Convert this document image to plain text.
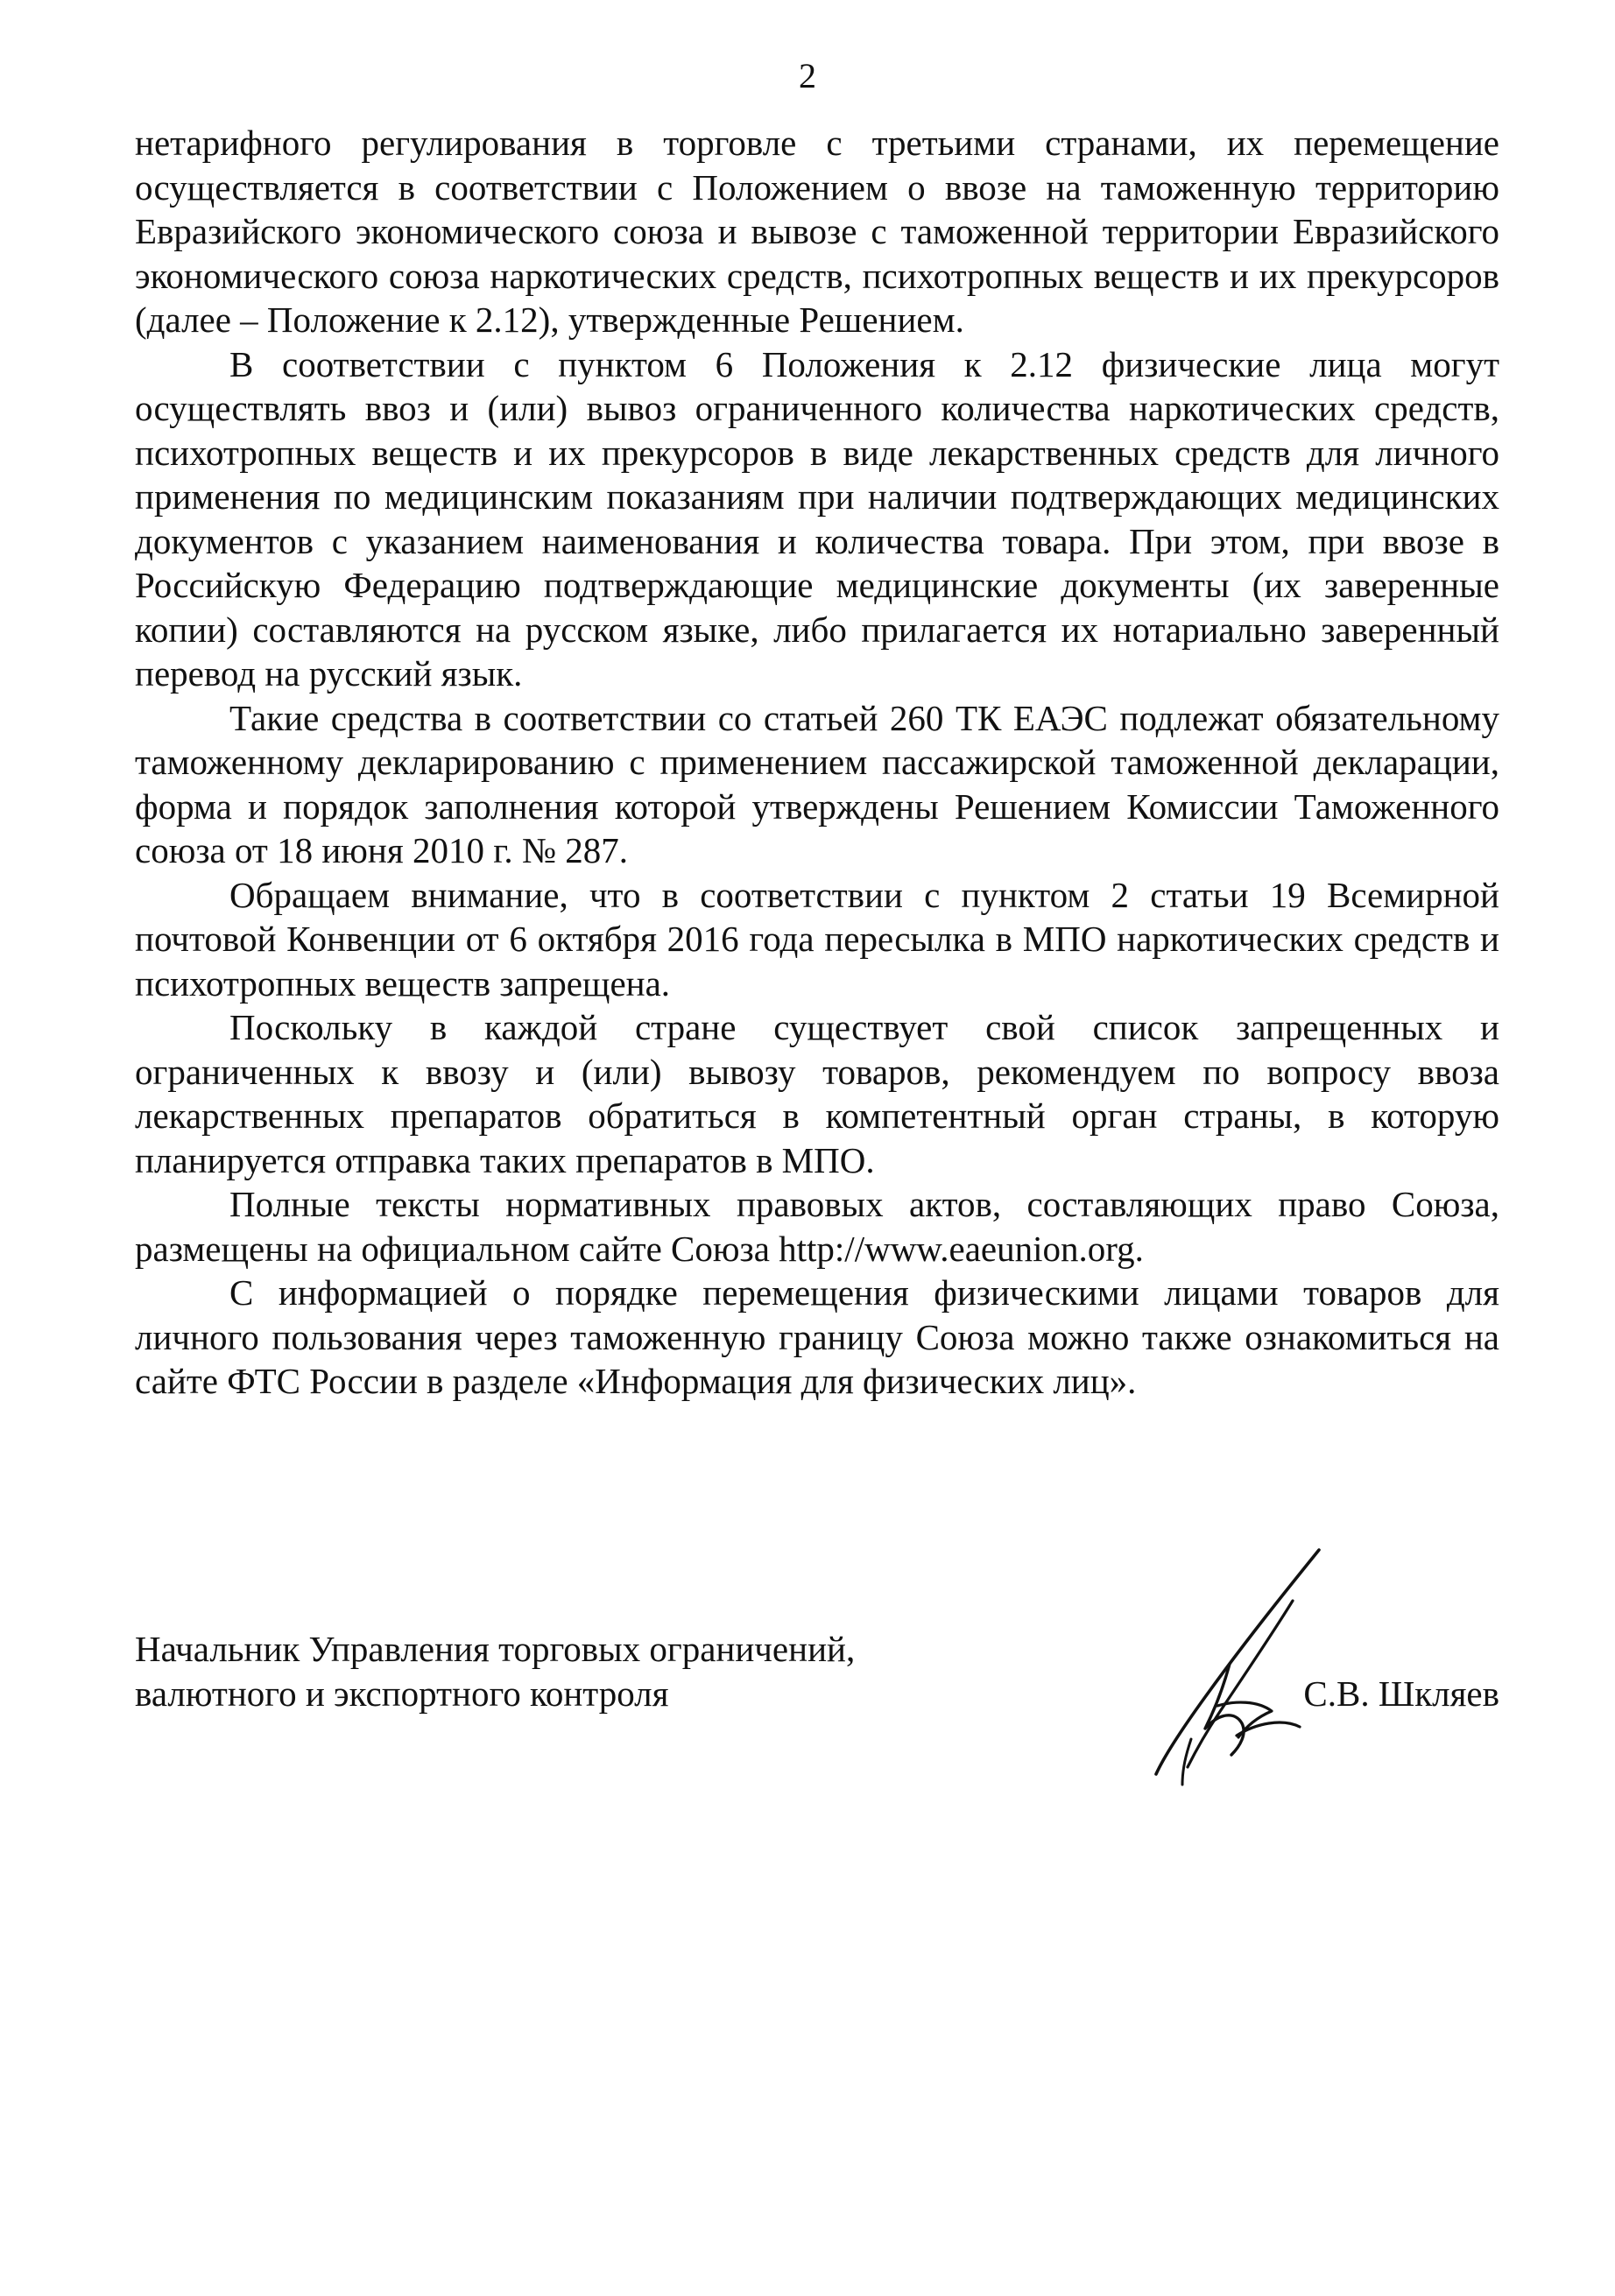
2

нетарифного регулирования в торговле с третьими странами, их перемещение осуществляется в соответствии с Положением о ввозе на таможенную территорию Евразийского экономического союза и вывозе с таможенной территории Евразийского экономического союза наркотических средств, психотропных веществ и их прекурсоров (далее – Положение к 2.12), утвержденные Решением.

В соответствии с пунктом 6 Положения к 2.12 физические лица могут осуществлять ввоз и (или) вывоз ограниченного количества наркотических средств, психотропных веществ и их прекурсоров в виде лекарственных средств для личного применения по медицинским показаниям при наличии подтверждающих медицинских документов с указанием наименования и количества товара. При этом, при ввозе в Российскую Федерацию подтверждающие медицинские документы (их заверенные копии) составляются на русском языке, либо прилагается их нотариально заверенный перевод на русский язык.

Такие средства в соответствии со статьей 260 ТК ЕАЭС подлежат обязательному таможенному декларированию с применением пассажирской таможенной декларации, форма и порядок заполнения которой утверждены Решением Комиссии Таможенного союза от 18 июня 2010 г. № 287.

Обращаем внимание, что в соответствии с пунктом 2 статьи 19 Всемирной почтовой Конвенции от 6 октября 2016 года пересылка в МПО наркотических средств и психотропных веществ запрещена.

Поскольку в каждой стране существует свой список запрещенных и ограниченных к ввозу и (или) вывозу товаров, рекомендуем по вопросу ввоза лекарственных препаратов обратиться в компетентный орган страны, в которую планируется отправка таких препаратов в МПО.

Полные тексты нормативных правовых актов, составляющих право Союза, размещены на официальном сайте Союза http://www.eaeunion.org.

С информацией о порядке перемещения физическими лицами товаров для личного пользования через таможенную границу Союза можно также ознакомиться на сайте ФТС России в разделе «Информация для физических лиц».

Начальник Управления торговых ограничений,
валютного и экспортного контроля	С.В. Шкляев
